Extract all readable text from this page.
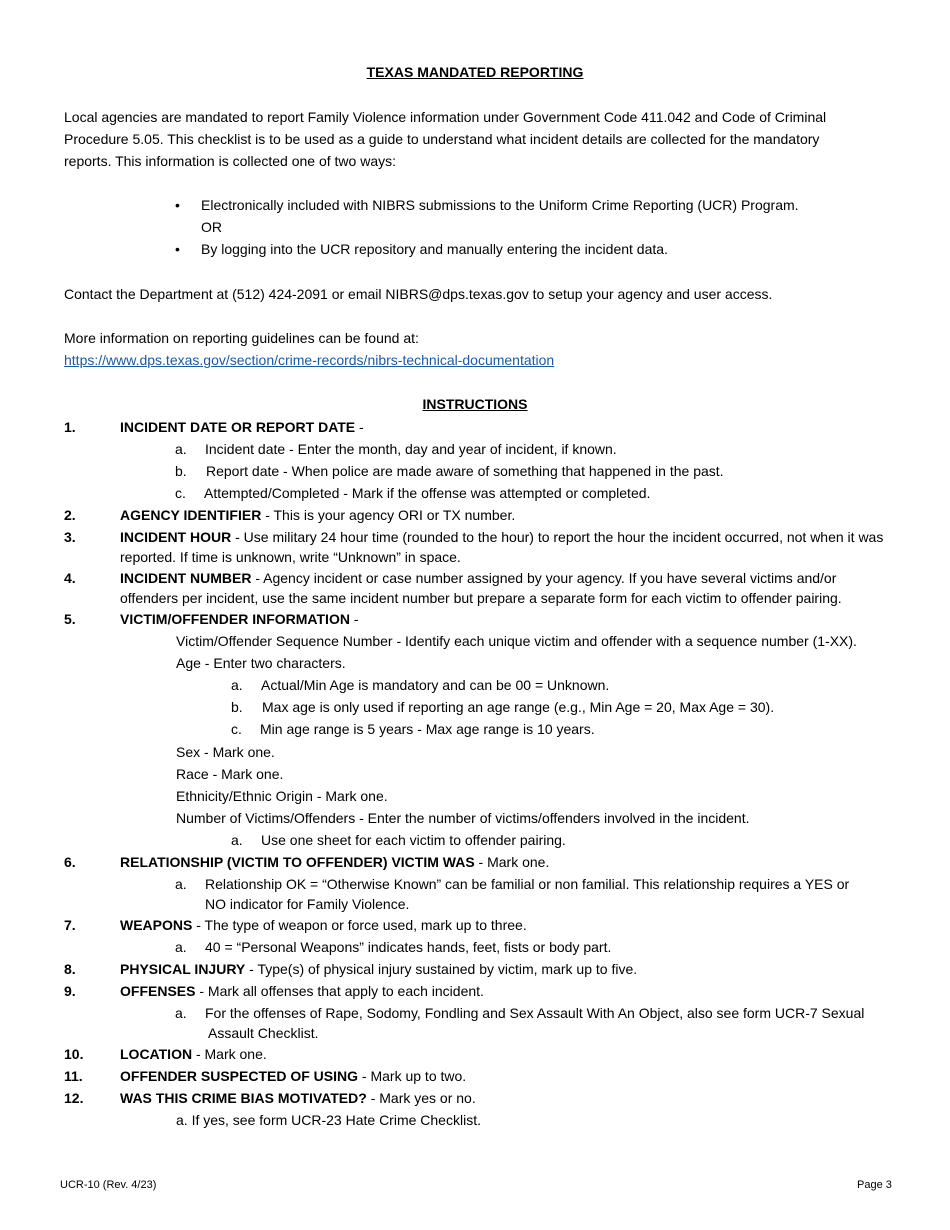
TEXAS MANDATED REPORTING
Local agencies are mandated to report Family Violence information under Government Code 411.042 and Code of Criminal Procedure 5.05. This checklist is to be used as a guide to understand what incident details are collected for the mandatory reports. This information is collected one of two ways:
• Electronically included with NIBRS submissions to the Uniform Crime Reporting (UCR) Program.
OR
• By logging into the UCR repository and manually entering the incident data.
Contact the Department at (512) 424-2091 or email NIBRS@dps.texas.gov to setup your agency and user access.
More information on reporting guidelines can be found at:
https://www.dps.texas.gov/section/crime-records/nibrs-technical-documentation
INSTRUCTIONS
1.	INCIDENT DATE OR REPORT DATE -
a. Incident date - Enter the month, day and year of incident, if known.
b. Report date - When police are made aware of something that happened in the past.
c. Attempted/Completed - Mark if the offense was attempted or completed.
2.	AGENCY IDENTIFIER - This is your agency ORI or TX number.
3.	INCIDENT HOUR - Use military 24 hour time (rounded to the hour) to report the hour the incident occurred, not when it was reported. If time is unknown, write “Unknown” in space.
4.	INCIDENT NUMBER - Agency incident or case number assigned by your agency. If you have several victims and/or offenders per incident, use the same incident number but prepare a separate form for each victim to offender pairing.
5.	VICTIM/OFFENDER INFORMATION -
Victim/Offender Sequence Number - Identify each unique victim and offender with a sequence number (1-XX).
Age - Enter two characters.
a. Actual/Min Age is mandatory and can be 00 = Unknown.
b. Max age is only used if reporting an age range (e.g., Min Age = 20, Max Age = 30).
c. Min age range is 5 years - Max age range is 10 years.
Sex - Mark one.
Race - Mark one.
Ethnicity/Ethnic Origin - Mark one.
Number of Victims/Offenders - Enter the number of victims/offenders involved in the incident.
a. Use one sheet for each victim to offender pairing.
6.	RELATIONSHIP (VICTIM TO OFFENDER) VICTIM WAS - Mark one.
a. Relationship OK = “Otherwise Known” can be familial or non familial. This relationship requires a YES or
NO indicator for Family Violence.
7.	WEAPONS - The type of weapon or force used, mark up to three.
a. 40 = “Personal Weapons” indicates hands, feet, fists or body part.
8.	PHYSICAL INJURY - Type(s) of physical injury sustained by victim, mark up to five.
9.	OFFENSES - Mark all offenses that apply to each incident.
a. For the offenses of Rape, Sodomy, Fondling and Sex Assault With An Object, also see form UCR-7 Sexual
Assault Checklist.
10.	LOCATION - Mark one.
11.	OFFENDER SUSPECTED OF USING - Mark up to two.
12.	WAS THIS CRIME BIAS MOTIVATED? - Mark yes or no.
a. If yes, see form UCR-23 Hate Crime Checklist.
UCR-10 (Rev. 4/23)	Page 3
